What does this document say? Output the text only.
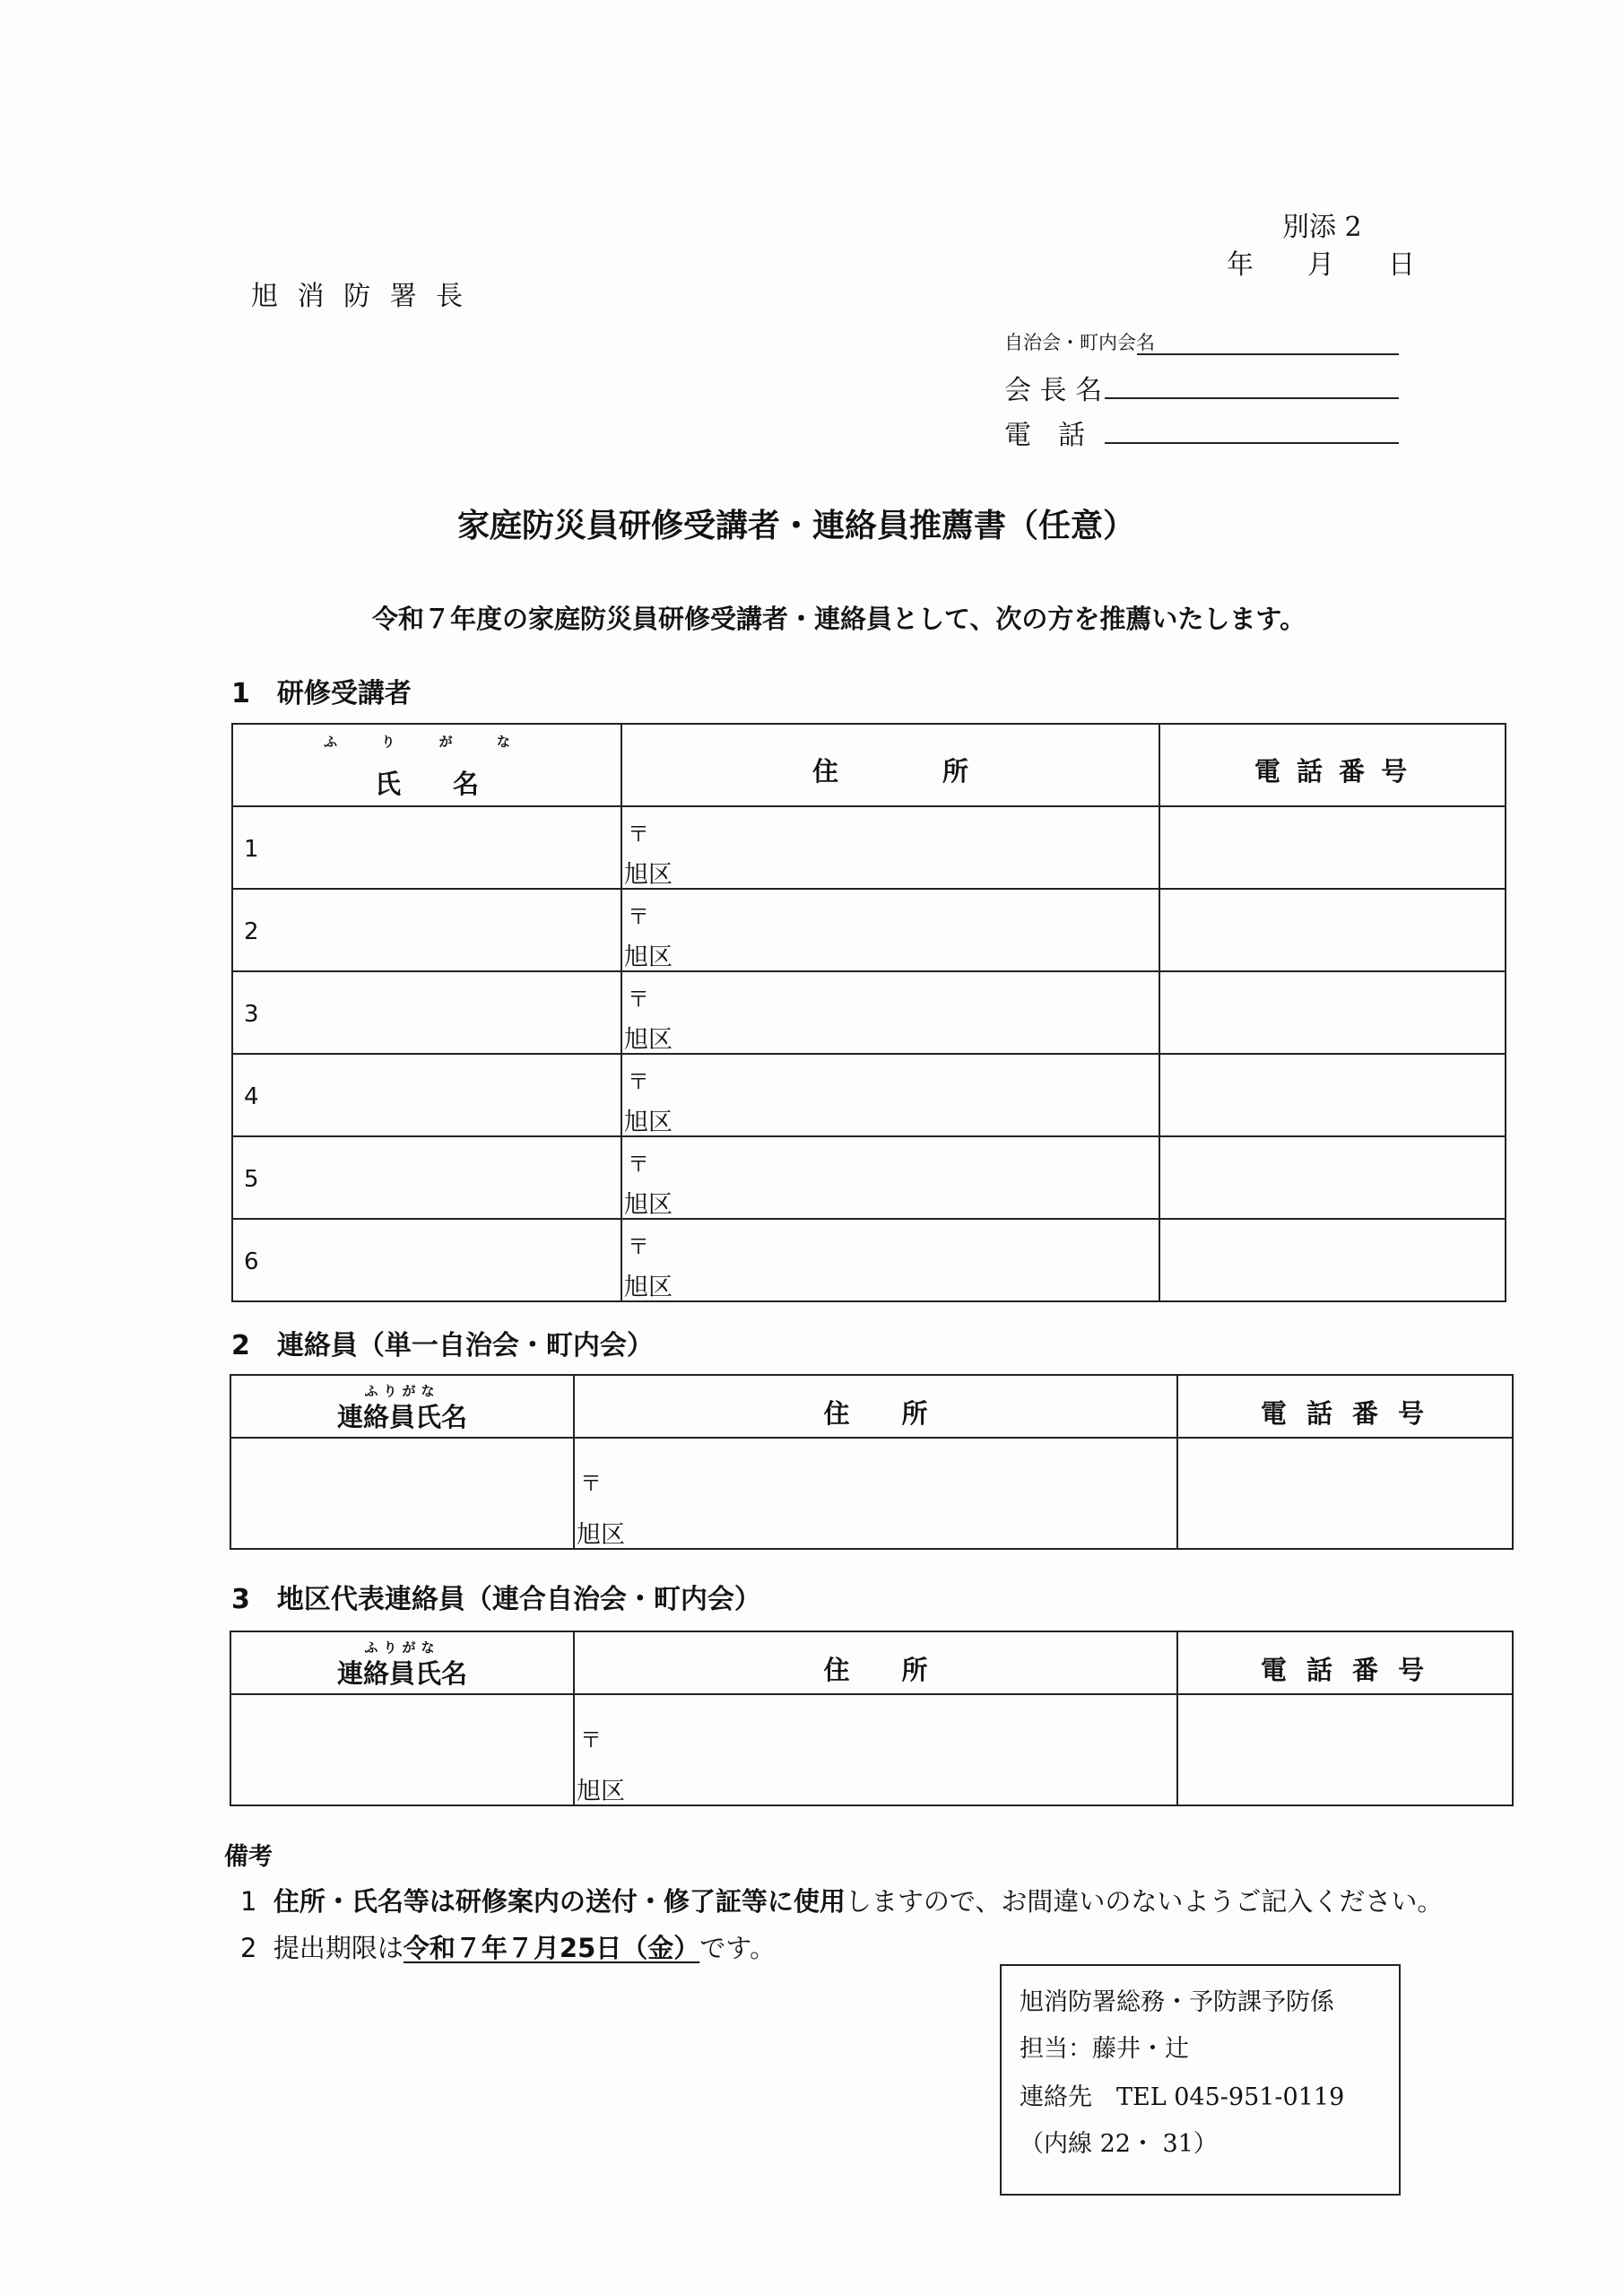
別添 2
年　　月　　日
旭 消 防 署 長
自治会・町内会名
会 長 名
電　話
家庭防災員研修受講者・連絡員推薦書（任意）
令和７年度の家庭防災員研修受講者・連絡員として、次の方を推薦いたします。
1　研修受講者
ふ り が な
氏　　名	住　　　　所	電 話 番 号

1	〒
旭区	

2	〒
旭区	

3	〒
旭区	

4	〒
旭区	

5	〒
旭区	

6	〒
旭区	

2　連絡員（単一自治会・町内会）
ふりがな
連絡員氏名	住　　所	電 話 番 号

	〒
旭区	

3　地区代表連絡員（連合自治会・町内会）
ふりがな
連絡員氏名	住　　所	電 話 番 号

	〒
旭区	

備考
1 住所・氏名等は研修案内の送付・修了証等に使用しますので、お間違いのないようご記入ください。
2 提出期限は令和７年７月25日（金）です。
旭消防署総務・予防課予防係
担当：藤井・辻
連絡先　TEL 045-951-0119
（内線 22・ 31）
